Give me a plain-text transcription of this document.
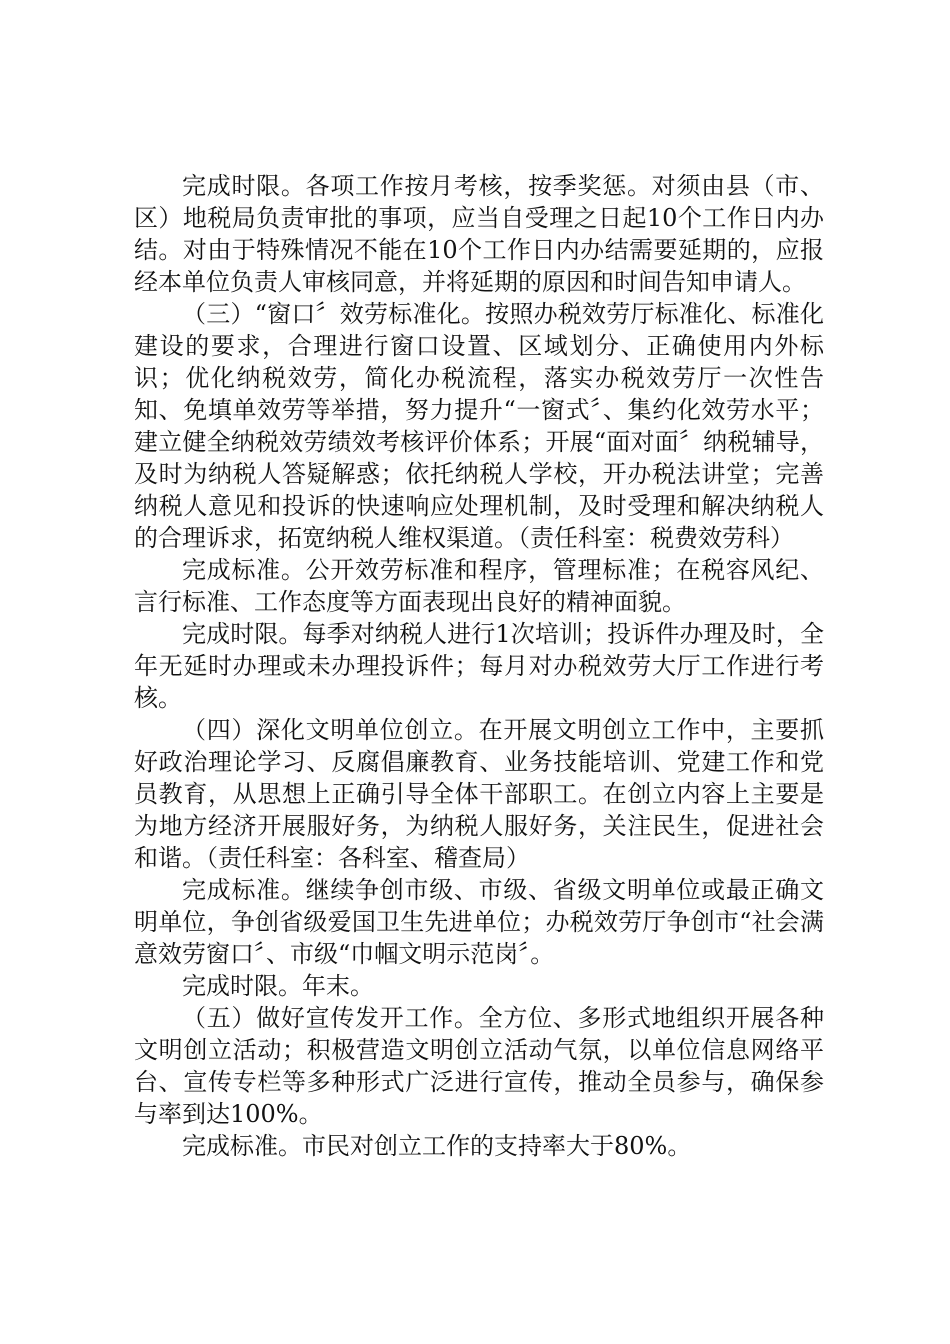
完成时限。各项工作按月考核，按季奖惩。对须由县（市、区）地税局负责审批的事项，应当自受理之日起10个工作日内办结。对由于特殊情况不能在10个工作日内办结需要延期的，应报经本单位负责人审核同意，并将延期的原因和时间告知申请人。

（三）“窗口〞效劳标准化。按照办税效劳厅标准化、标准化建设的要求，合理进行窗口设置、区域划分、正确使用内外标识；优化纳税效劳，简化办税流程，落实办税效劳厅一次性告知、免填单效劳等举措，努力提升“一窗式〞、集约化效劳水平；建立健全纳税效劳绩效考核评价体系；开展“面对面〞纳税辅导，及时为纳税人答疑解惑；依托纳税人学校，开办税法讲堂；完善纳税人意见和投诉的快速响应处理机制，及时受理和解决纳税人的合理诉求，拓宽纳税人维权渠道。（责任科室：税费效劳科）

完成标准。公开效劳标准和程序，管理标准；在税容风纪、言行标准、工作态度等方面表现出良好的精神面貌。

完成时限。每季对纳税人进行1次培训；投诉件办理及时，全年无延时办理或未办理投诉件；每月对办税效劳大厅工作进行考核。

（四）深化文明单位创立。在开展文明创立工作中，主要抓好政治理论学习、反腐倡廉教育、业务技能培训、党建工作和党员教育，从思想上正确引导全体干部职工。在创立内容上主要是为地方经济开展服好务，为纳税人服好务，关注民生，促进社会和谐。（责任科室：各科室、稽查局）

完成标准。继续争创市级、市级、省级文明单位或最正确文明单位，争创省级爱国卫生先进单位；办税效劳厅争创市“社会满意效劳窗口〞、市级“巾帼文明示范岗〞。

完成时限。年末。

（五）做好宣传发开工作。全方位、多形式地组织开展各种文明创立活动；积极营造文明创立活动气氛，以单位信息网络平台、宣传专栏等多种形式广泛进行宣传，推动全员参与，确保参与率到达100%。

完成标准。市民对创立工作的支持率大于80%。
